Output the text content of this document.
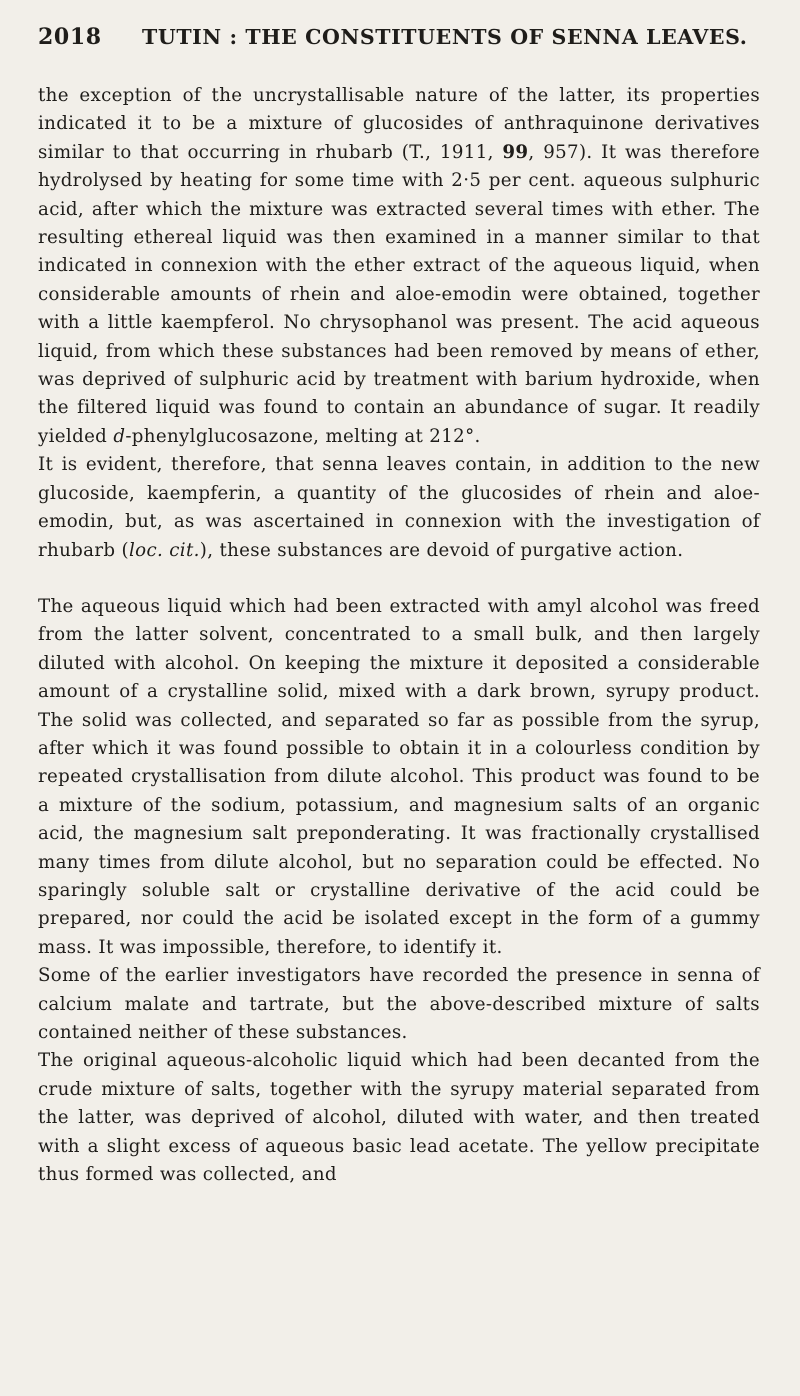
2018	TUTIN : THE CONSTITUENTS OF SENNA LEAVES.

the exception of the uncrystallisable nature of the latter, its properties indicated it to be a mixture of glucosides of anthraquinone derivatives similar to that occurring in rhubarb (T., 1911, 99, 957). It was therefore hydrolysed by heating for some time with 2·5 per cent. aqueous sulphuric acid, after which the mixture was extracted several times with ether. The resulting ethereal liquid was then examined in a manner similar to that indicated in connexion with the ether extract of the aqueous liquid, when considerable amounts of rhein and aloe-emodin were obtained, together with a little kaempferol. No chrysophanol was present. The acid aqueous liquid, from which these substances had been removed by means of ether, was deprived of sulphuric acid by treatment with barium hydroxide, when the filtered liquid was found to contain an abundance of sugar. It readily yielded d-phenylglucosazone, melting at 212°.

It is evident, therefore, that senna leaves contain, in addition to the new glucoside, kaempferin, a quantity of the glucosides of rhein and aloe-emodin, but, as was ascertained in connexion with the investigation of rhubarb (loc. cit.), these substances are devoid of purgative action.

The aqueous liquid which had been extracted with amyl alcohol was freed from the latter solvent, concentrated to a small bulk, and then largely diluted with alcohol. On keeping the mixture it deposited a considerable amount of a crystalline solid, mixed with a dark brown, syrupy product. The solid was collected, and separated so far as possible from the syrup, after which it was found possible to obtain it in a colourless condition by repeated crystallisation from dilute alcohol. This product was found to be a mixture of the sodium, potassium, and magnesium salts of an organic acid, the magnesium salt preponderating. It was fractionally crystallised many times from dilute alcohol, but no separation could be effected. No sparingly soluble salt or crystalline derivative of the acid could be prepared, nor could the acid be isolated except in the form of a gummy mass. It was impossible, therefore, to identify it.

Some of the earlier investigators have recorded the presence in senna of calcium malate and tartrate, but the above-described mixture of salts contained neither of these substances.

The original aqueous-alcoholic liquid which had been decanted from the crude mixture of salts, together with the syrupy material separated from the latter, was deprived of alcohol, diluted with water, and then treated with a slight excess of aqueous basic lead acetate. The yellow precipitate thus formed was collected, and
